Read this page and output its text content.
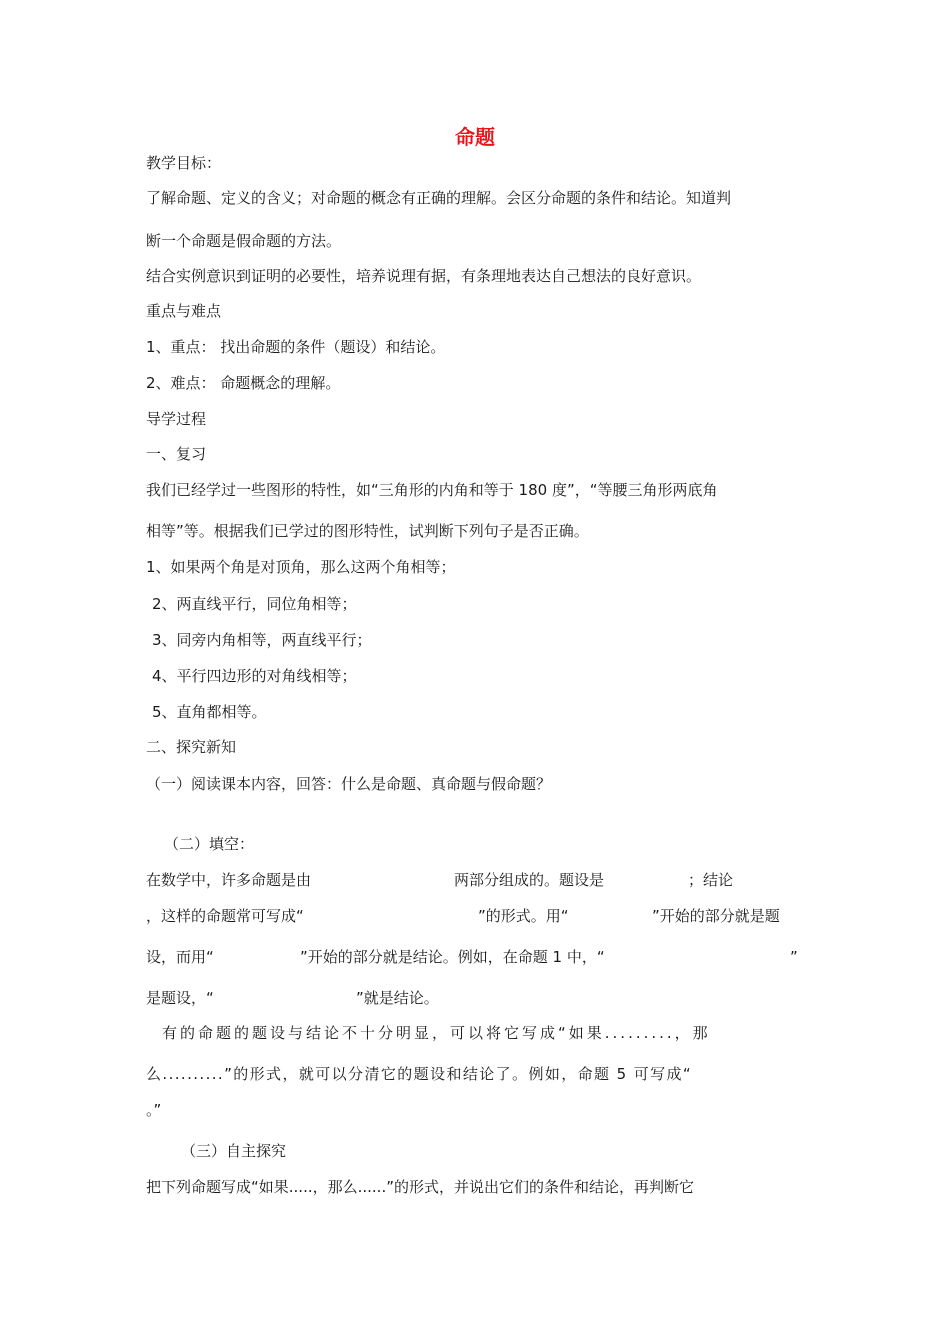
命题
教学目标：
了解命题、定义的含义；对命题的概念有正确的理解。会区分命题的条件和结论。知道判
断一个命题是假命题的方法。
结合实例意识到证明的必要性，培养说理有据，有条理地表达自己想法的良好意识。
重点与难点
1、重点： 找出命题的条件（题设）和结论。
2、难点： 命题概念的理解。
导学过程
一、复习
我们已经学过一些图形的特性，如“三角形的内角和等于 180 度”，“等腰三角形两底角
相等”等。根据我们已学过的图形特性，试判断下列句子是否正确。
1、如果两个角是对顶角，那么这两个角相等；
2、两直线平行，同位角相等；
3、同旁内角相等，两直线平行；
4、平行四边形的对角线相等；
5、直角都相等。
二、探究新知
（一）阅读课本内容，回答：什么是命题、真命题与假命题？
（二）填空：
在数学中，许多命题是由	两部分组成的。题设是	；结论
，这样的命题常可写成“	”的形式。用“	”开始的部分就是题
设，而用“	”开始的部分就是结论。例如，在命题 1 中，“	”
是题设，“	”就是结论。
有的命题的题设与结论不十分明显，可以将它写成“如果.........，那
么..........”的形式，就可以分清它的题设和结论了。例如，命题 5 可写成“
。”
（三）自主探究
把下列命题写成“如果.....，那么......”的形式，并说出它们的条件和结论，再判断它
